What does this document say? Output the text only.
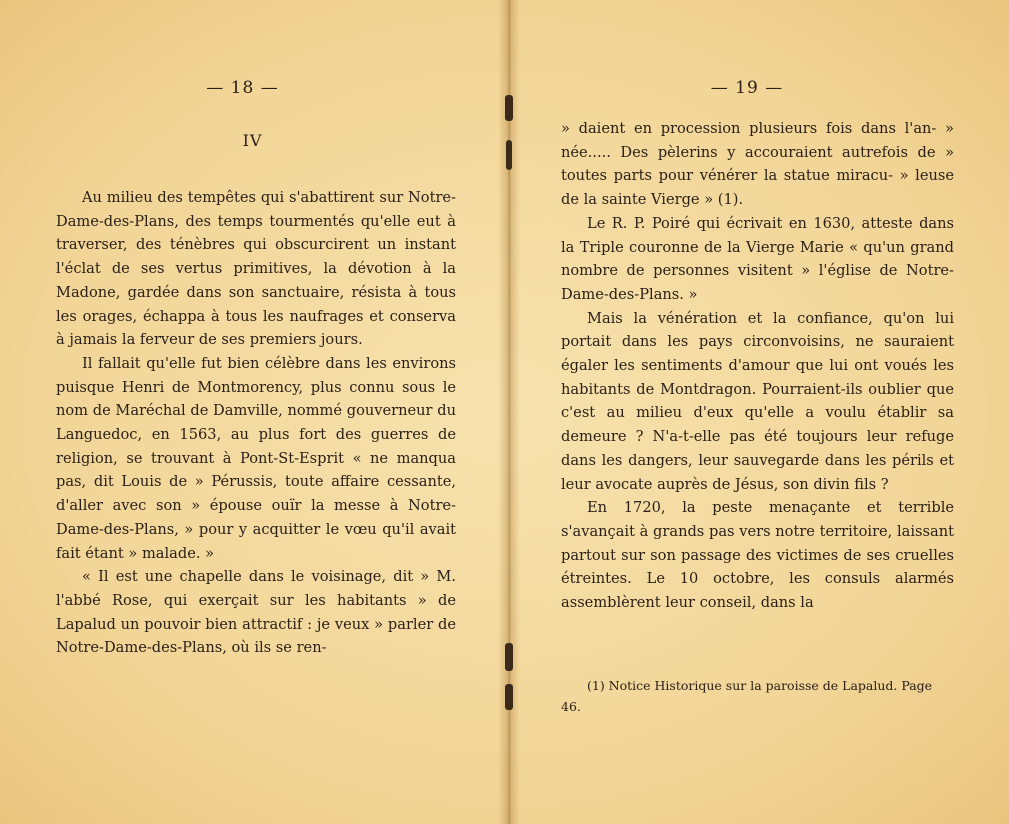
— 18 —
IV

Au milieu des tempêtes qui s'abattirent sur Notre-Dame-des-Plans, des temps tourmentés qu'elle eut à traverser, des ténèbres qui obscurcirent un instant l'éclat de ses vertus primitives, la dévotion à la Madone, gardée dans son sanctuaire, résista à tous les orages, échappa à tous les naufrages et conserva à jamais la ferveur de ses premiers jours.

Il fallait qu'elle fut bien célèbre dans les environs puisque Henri de Montmorency, plus connu sous le nom de Maréchal de Damville, nommé gouverneur du Languedoc, en 1563, au plus fort des guerres de religion, se trouvant à Pont-St-Esprit « ne manqua pas, dit Louis de » Pérussis, toute affaire cessante, d'aller avec son » épouse ouïr la messe à Notre-Dame-des-Plans, » pour y acquitter le vœu qu'il avait fait étant » malade. »

« Il est une chapelle dans le voisinage, dit » M. l'abbé Rose, qui exerçait sur les habitants » de Lapalud un pouvoir bien attractif : je veux » parler de Notre-Dame-des-Plans, où ils se ren-

— 19 —

» daient en procession plusieurs fois dans l'an- » née..... Des pèlerins y accouraient autrefois de » toutes parts pour vénérer la statue miracu- » leuse de la sainte Vierge » (1).

Le R. P. Poiré qui écrivait en 1630, atteste dans la Triple couronne de la Vierge Marie « qu'un grand nombre de personnes visitent » l'église de Notre-Dame-des-Plans. »

Mais la vénération et la confiance, qu'on lui portait dans les pays circonvoisins, ne sauraient égaler les sentiments d'amour que lui ont voués les habitants de Montdragon. Pourraient-ils oublier que c'est au milieu d'eux qu'elle a voulu établir sa demeure ? N'a-t-elle pas été toujours leur refuge dans les dangers, leur sauvegarde dans les périls et leur avocate auprès de Jésus, son divin fils ?

En 1720, la peste menaçante et terrible s'avançait à grands pas vers notre territoire, laissant partout sur son passage des victimes de ses cruelles étreintes. Le 10 octobre, les consuls alarmés assemblèrent leur conseil, dans la

(1) Notice Historique sur la paroisse de Lapalud. Page 46.
